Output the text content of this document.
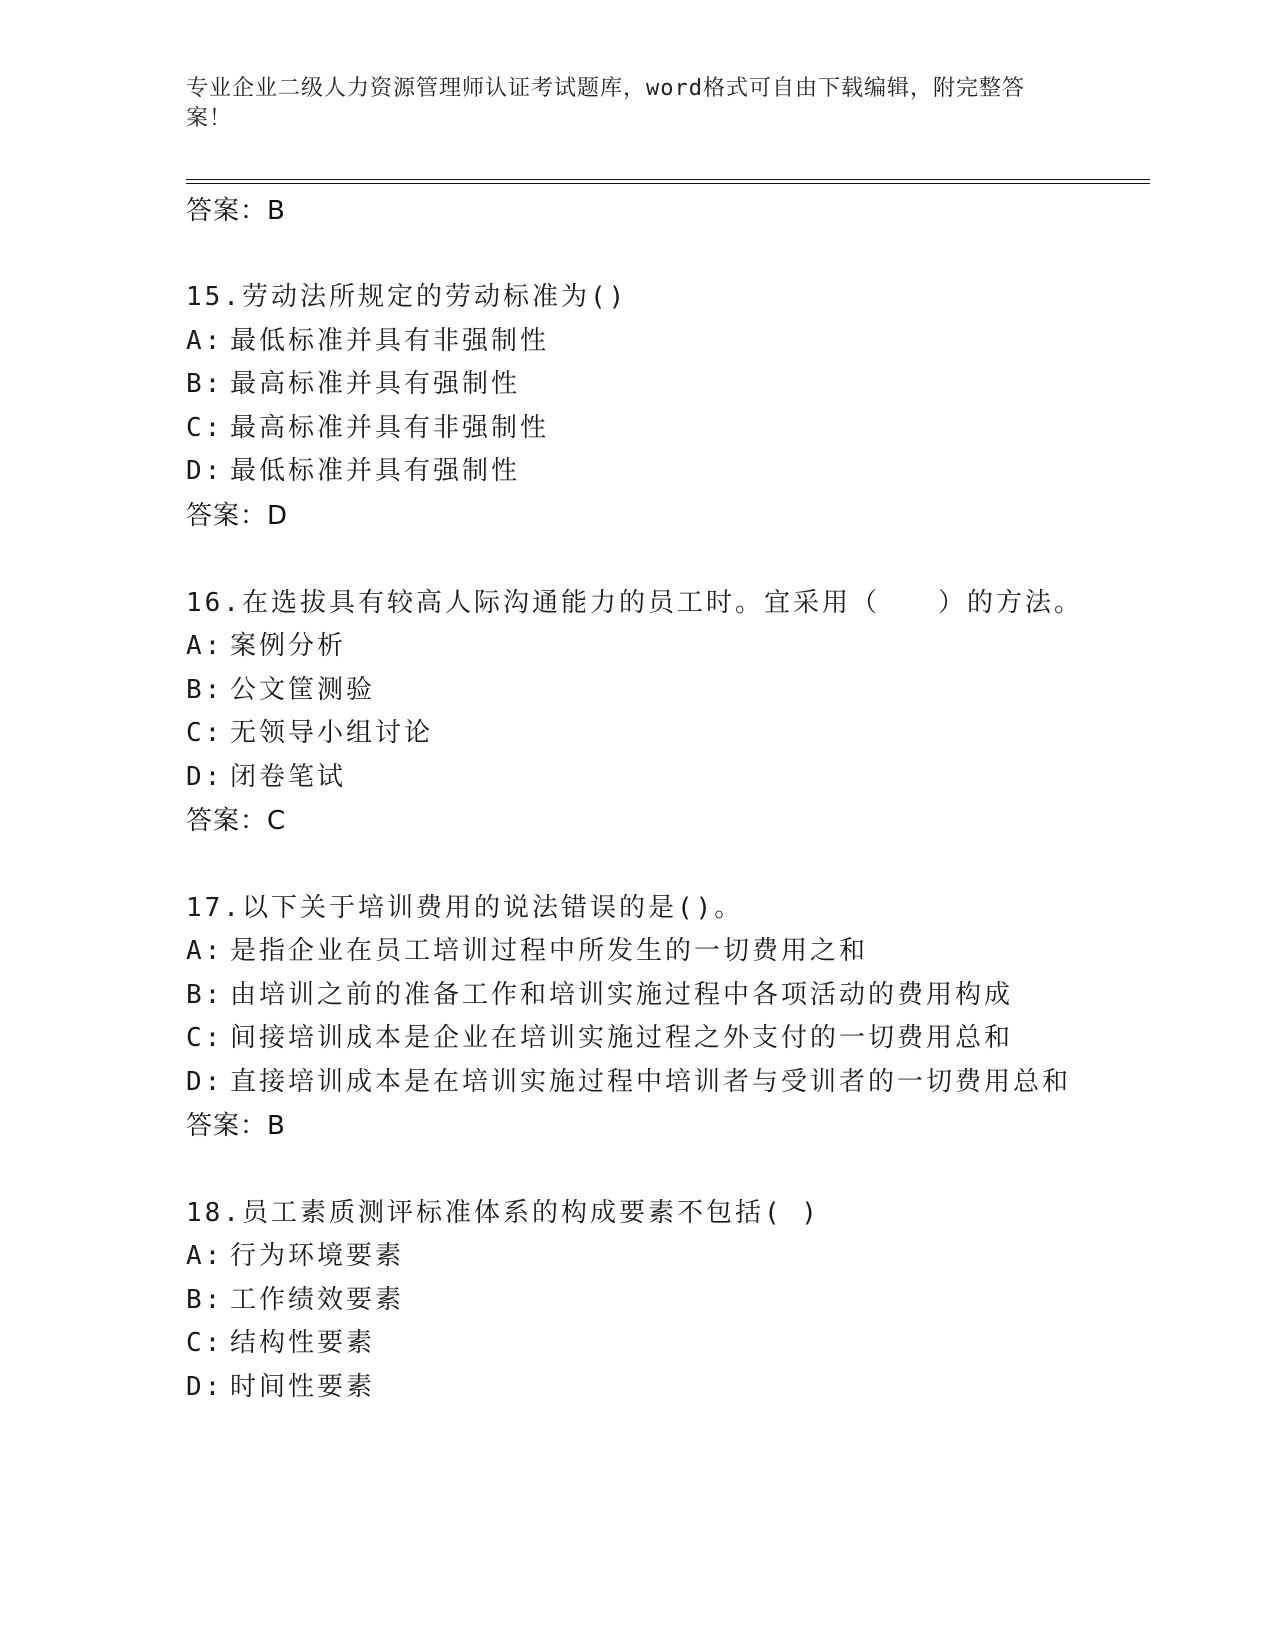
专业企业二级人力资源管理师认证考试题库，word格式可自由下载编辑，附完整答案！
答案：B
15.劳动法所规定的劳动标准为()
A: 最低标准并具有非强制性
B: 最高标准并具有强制性
C: 最高标准并具有非强制性
D: 最低标准并具有强制性
答案：D
16.在选拔具有较高人际沟通能力的员工时。宜采用（　　）的方法。
A: 案例分析
B: 公文筐测验
C: 无领导小组讨论
D: 闭卷笔试
答案：C
17.以下关于培训费用的说法错误的是()。
A: 是指企业在员工培训过程中所发生的一切费用之和
B: 由培训之前的准备工作和培训实施过程中各项活动的费用构成
C: 间接培训成本是企业在培训实施过程之外支付的一切费用总和
D: 直接培训成本是在培训实施过程中培训者与受训者的一切费用总和
答案：B
18.员工素质测评标准体系的构成要素不包括( )
A: 行为环境要素
B: 工作绩效要素
C: 结构性要素
D: 时间性要素
